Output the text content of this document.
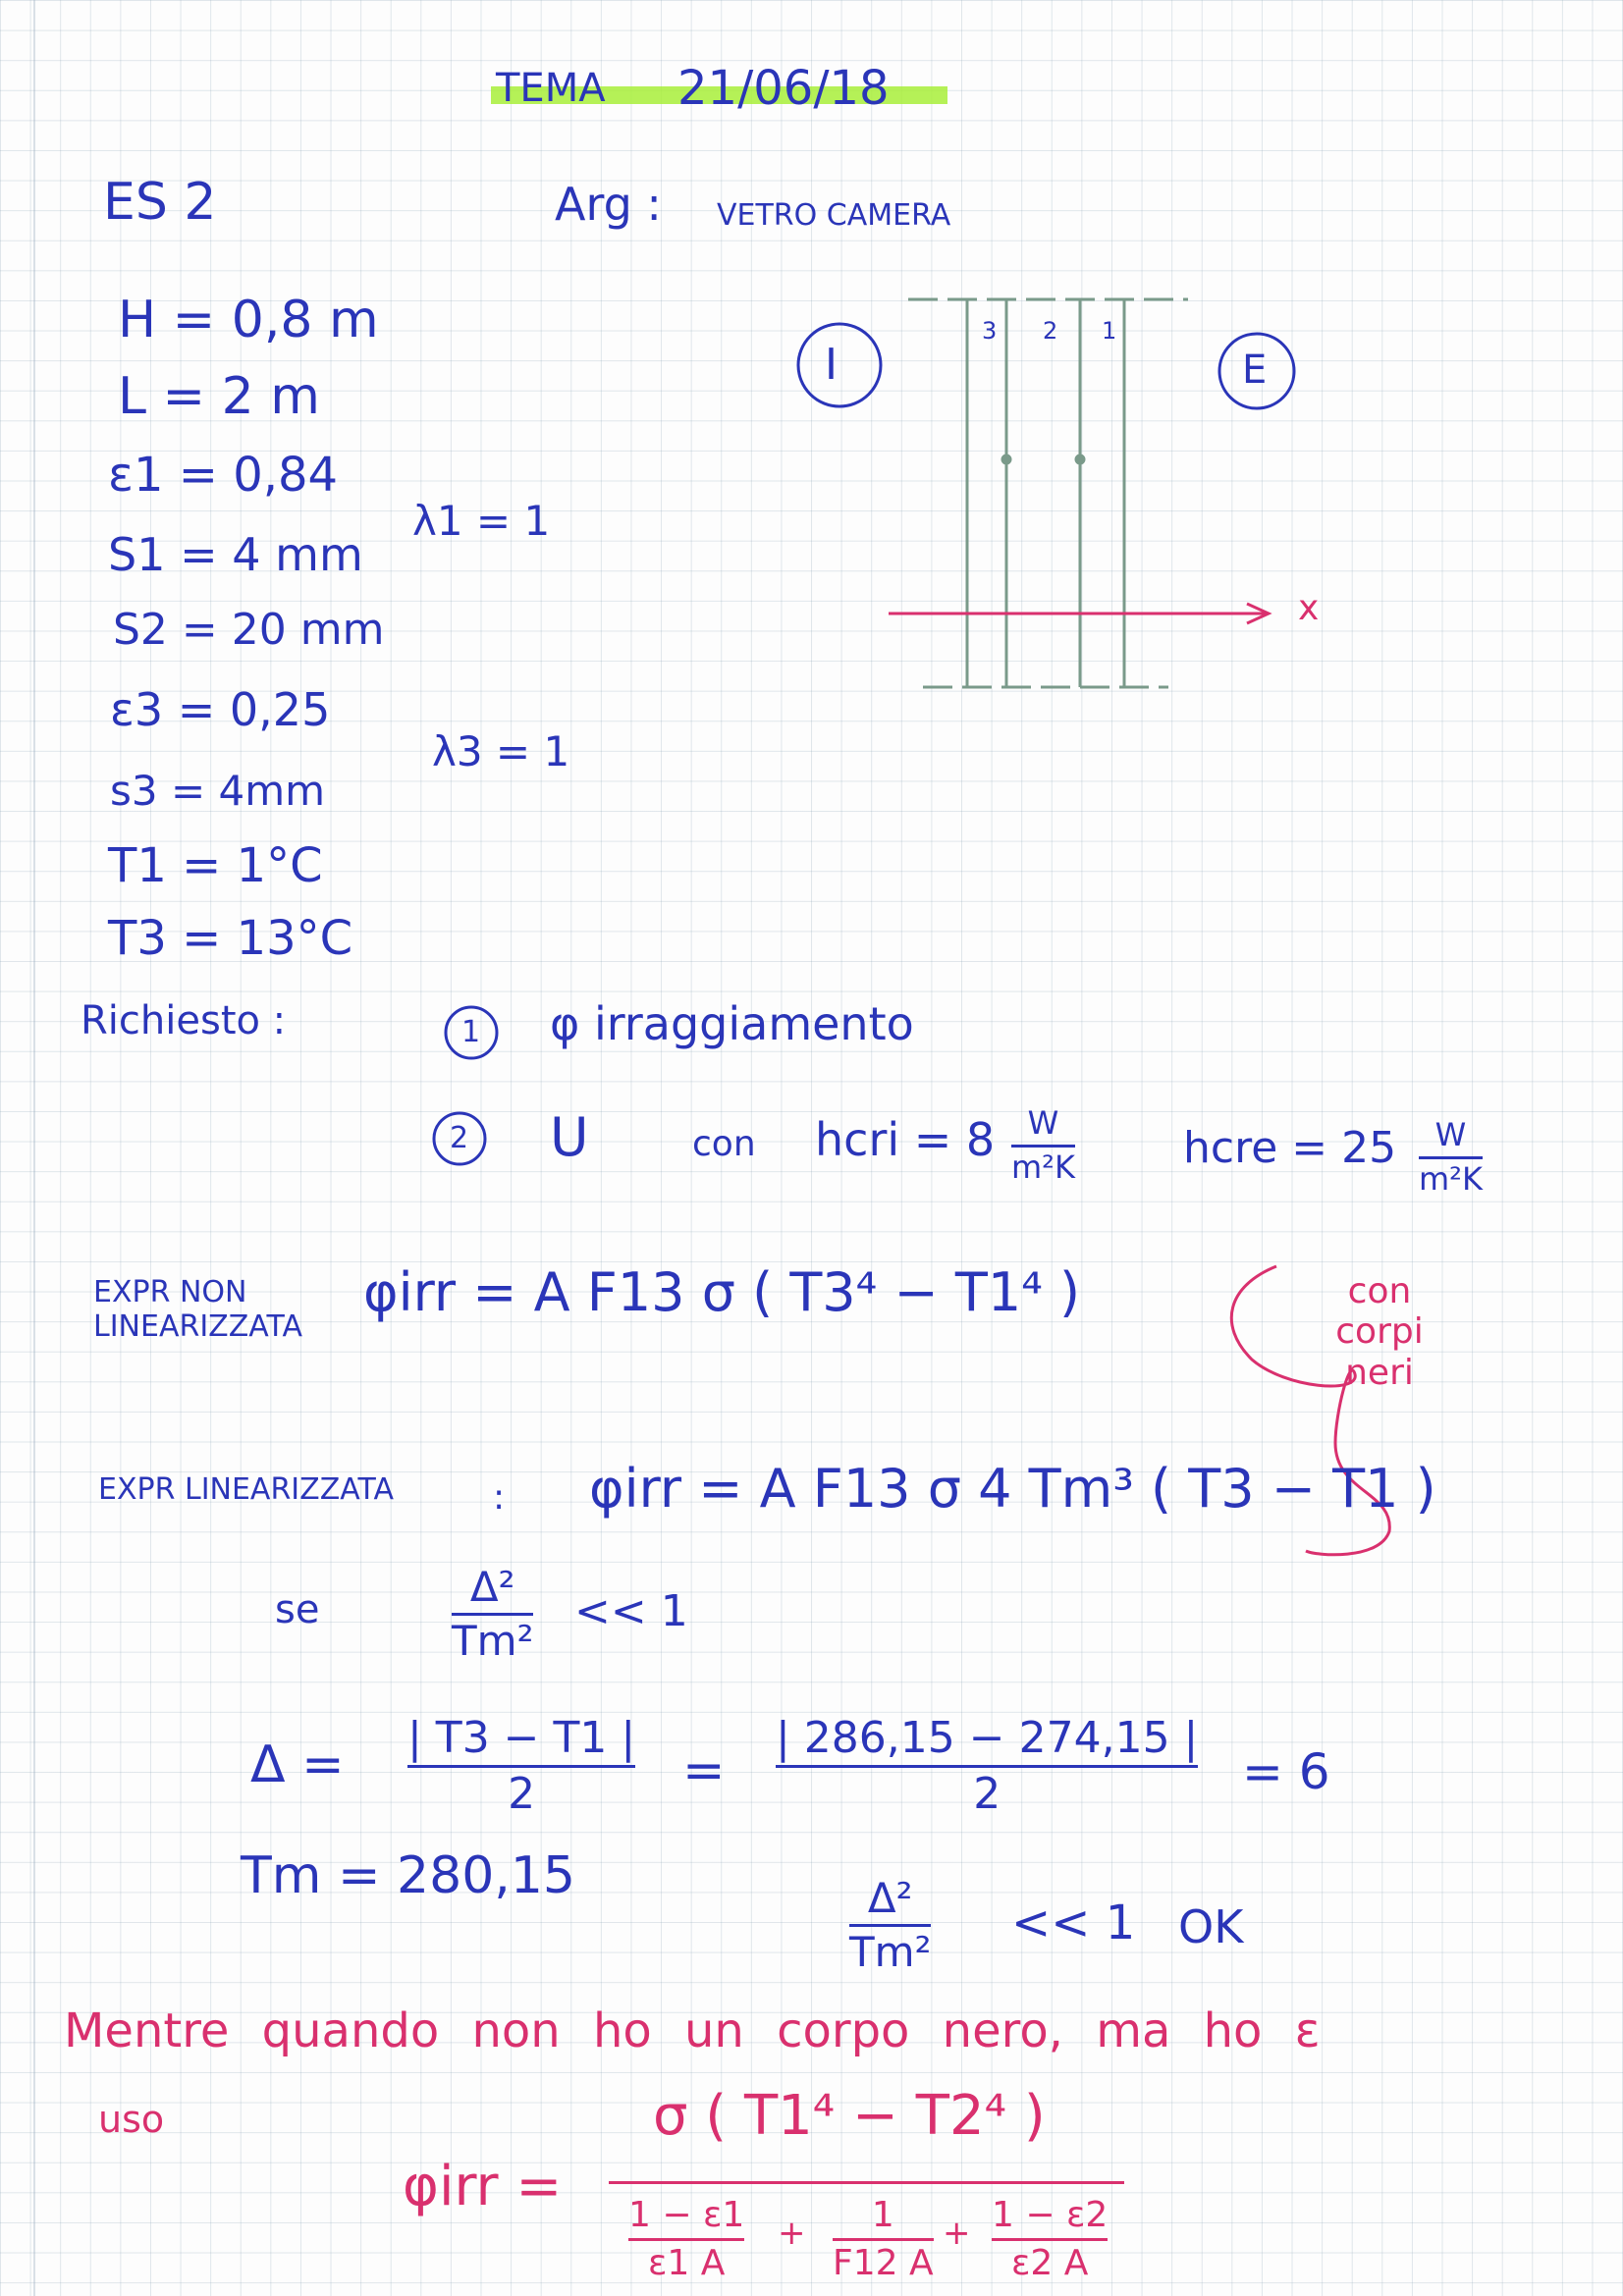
TEMA 21/06/18
ES 2	Arg : VETRO CAMERA
H = 0,8 m
L = 2 m
ε1 = 0,84
S1 = 4 mm
S2 = 20 mm
ε3 = 0,25
s3 = 4mm
T1 = 1°C
T3 = 13°C
λ1 = 1
λ3 = 1
I	E
3 2 1
x
Richiesto :	1 φ irraggiamento
2 U	con hcri = 8 W
m²K	hcre = 25 W
m²K
EXPR NON LINEARIZZATA
φirr = A F13 σ ( T3⁴ − T1⁴ )	con corpi neri
EXPR LINEARIZZATA	: φirr = A F13 σ 4 Tm³ ( T3 − T1 )
se	Δ²
Tm²
<< 1
Δ = | T3 − T1 |
2	=
| 286,15 − 274,15 |
2	= 6
Tm = 280,15	Δ²
Tm²
<< 1 OK
Mentre quando non ho un corpo nero, ma ho ε
uso
φirr =
σ ( T1⁴ − T2⁴ )
1 − ε1
ε1 A
+ 1
F12 A
+ 1 − ε2
ε2 A
